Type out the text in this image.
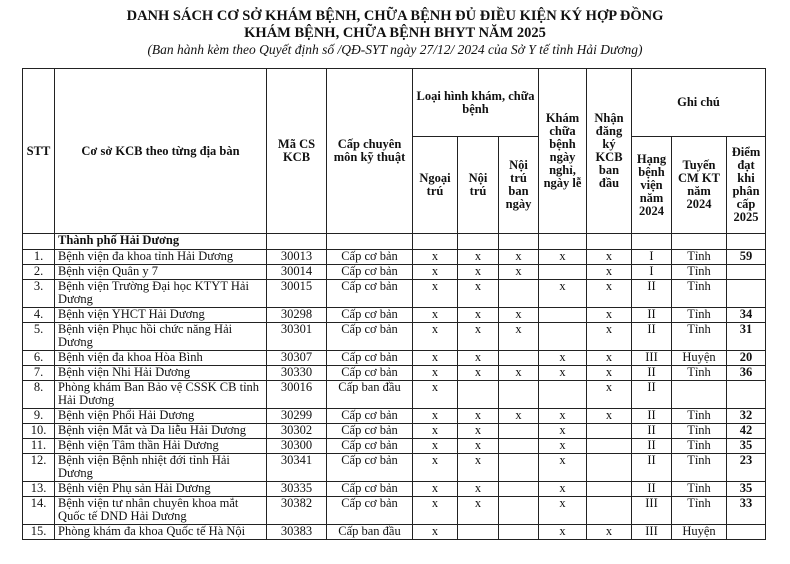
DANH SÁCH CƠ SỞ KHÁM BỆNH, CHỮA BỆNH ĐỦ ĐIỀU KIỆN KÝ HỢP ĐỒNG
KHÁM BỆNH, CHỮA BỆNH BHYT NĂM 2025
(Ban hành kèm theo Quyết định số /QĐ-SYT ngày 27/12/ 2024 của Sở Y tế tỉnh Hải Dương)
STT	Cơ sở KCB theo từng địa bàn	Mã CS KCB	Cấp chuyên môn kỹ thuật	Loại hình khám, chữa bệnh			Khám chữa bệnh ngày nghỉ, ngày lễ	Nhận đăng ký KCB ban đầu	Ghi chú		
				Ngoại trú	Nội trú	Nội trú ban ngày			Hạng bệnh viện năm 2024	Tuyến CM KT năm 2024	Điểm đạt khi phân cấp 2025
	Thành phố Hải Dương										
1.	Bệnh viện đa khoa tỉnh Hải Dương	30013	Cấp cơ bản	x	x	x	x	x	I	Tỉnh	59
2.	Bệnh viện Quân y 7	30014	Cấp cơ bản	x	x	x		x	I	Tỉnh	
3.	Bệnh viện Trường Đại học KTYT Hải Dương	30015	Cấp cơ bản	x	x		x	x	II	Tỉnh	
4.	Bệnh viện YHCT Hải Dương	30298	Cấp cơ bản	x	x	x		x	II	Tỉnh	34
5.	Bệnh viện Phục hồi chức năng Hải Dương	30301	Cấp cơ bản	x	x	x		x	II	Tỉnh	31
6.	Bệnh viện đa khoa Hòa Bình	30307	Cấp cơ bản	x	x		x	x	III	Huyện	20
7.	Bệnh viện Nhi Hải Dương	30330	Cấp cơ bản	x	x	x	x	x	II	Tỉnh	36
8.	Phòng khám Ban Bảo vệ CSSK CB tỉnh Hải Dương	30016	Cấp ban đầu	x				x	II		
9.	Bệnh viện Phổi Hải Dương	30299	Cấp cơ bản	x	x	x	x	x	II	Tỉnh	32
10.	Bệnh viện Mắt và Da liễu Hải Dương	30302	Cấp cơ bản	x	x		x		II	Tỉnh	42
11.	Bệnh viện Tâm thần Hải Dương	30300	Cấp cơ bản	x	x		x		II	Tỉnh	35
12.	Bệnh viện Bệnh nhiệt đới tỉnh Hải Dương	30341	Cấp cơ bản	x	x		x		II	Tỉnh	23
13.	Bệnh viện Phụ sản Hải Dương	30335	Cấp cơ bản	x	x		x		II	Tỉnh	35
14.	Bệnh viện tư nhân chuyên khoa mắt Quốc tế DND Hải Dương	30382	Cấp cơ bản	x	x		x		III	Tỉnh	33
15.	Phòng khám đa khoa Quốc tế Hà Nội	30383	Cấp ban đầu	x			x	x	III	Huyện	
